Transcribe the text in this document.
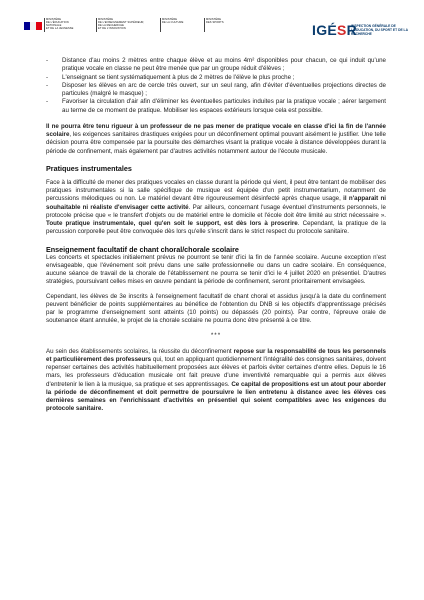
MINISTÈRE
DE L'ÉDUCATION
NATIONALE
ET DE LA JEUNESSE
MINISTÈRE
DE L'ENSEIGNEMENT SUPÉRIEUR,
DE LA RECHERCHE
ET DE L'INNOVATION
MINISTÈRE
DE LA CULTURE
MINISTÈRE
DES SPORTS	IGÉSR
INSPECTION GÉNÉRALE DE L'ÉDUCATION, DU SPORT ET DE LA RECHERCHE
- Distance d'au moins 2 mètres entre chaque élève et au moins 4m² disponibles pour chacun, ce qui induit qu'une pratique vocale en classe ne peut être menée que par un groupe réduit d'élèves ;
- L'enseignant se tient systématiquement à plus de 2 mètres de l'élève le plus proche ;
- Disposer les élèves en arc de cercle très ouvert, sur un seul rang, afin d'éviter d'éventuelles projections directes de particules (malgré le masque) ;
- Favoriser la circulation d'air afin d'éliminer les éventuelles particules induites par la pratique vocale ; aérer largement au terme de ce moment de pratique. Mobiliser les espaces extérieurs lorsque cela est possible.

Il ne pourra être tenu rigueur à un professeur de ne pas mener de pratique vocale en classe d'ici la fin de l'année scolaire, les exigences sanitaires drastiques exigées pour un déconfinement optimal pouvant aisément le justifier. Une telle décision pourra être compensée par la poursuite des démarches visant la pratique vocale à distance développées durant la période de confinement, mais également par d'autres activités notamment autour de l'écoute musicale.

Pratiques instrumentales

Face à la difficulté de mener des pratiques vocales en classe durant la période qui vient, il peut être tentant de mobiliser des pratiques instrumentales si la salle spécifique de musique est équipée d'un petit instrumentarium, notamment de percussions mélodiques ou non. Le matériel devant être rigoureusement désinfecté après chaque usage, il n'apparaît ni souhaitable ni réaliste d'envisager cette activité. Par ailleurs, concernant l'usage éventuel d'instruments personnels, le protocole précise que « le transfert d'objets ou de matériel entre le domicile et l'école doit être limité au strict nécessaire ». Toute pratique instrumentale, quel qu'en soit le support, est dès lors à proscrire. Cependant, la pratique de la percussion corporelle peut être convoquée dès lors qu'elle s'inscrit dans le strict respect du protocole sanitaire.

Enseignement facultatif de chant choral/chorale scolaire

Les concerts et spectacles initialement prévus ne pourront se tenir d'ici la fin de l'année scolaire. Aucune exception n'est envisageable, que l'événement soit prévu dans une salle professionnelle ou dans un cadre scolaire. En conséquence, aucune séance de travail de la chorale de l'établissement ne pourra se tenir d'ici le 4 juillet 2020 en présentiel. D'autres stratégies, poursuivant celles mises en œuvre pendant la période de confinement, seront prioritairement envisagées.

Cependant, les élèves de 3e inscrits à l'enseignement facultatif de chant choral et assidus jusqu'à la date du confinement peuvent bénéficier de points supplémentaires au bénéfice de l'obtention du DNB si les objectifs d'apprentissage précisés par le programme d'enseignement sont atteints (10 points) ou dépassés (20 points). Par contre, l'épreuve orale de soutenance étant annulée, le projet de la chorale scolaire ne pourra donc être présenté à ce titre.

***

Au sein des établissements scolaires, la réussite du déconfinement repose sur la responsabilité de tous les personnels et particulièrement des professeurs qui, tout en appliquant quotidiennement l'intégralité des consignes sanitaires, doivent repenser certaines des activités habituellement proposées aux élèves et parfois éviter certaines d'entre elles. Depuis le 16 mars, les professeurs d'éducation musicale ont fait preuve d'une inventivité remarquable qui a permis aux élèves d'entretenir le lien à la musique, sa pratique et ses apprentissages. Ce capital de propositions est un atout pour aborder la période de déconfinement et doit permettre de poursuivre le lien entretenu à distance avec les élèves ces dernières semaines en l'enrichissant d'activités en présentiel qui soient compatibles avec les exigences du protocole sanitaire.
